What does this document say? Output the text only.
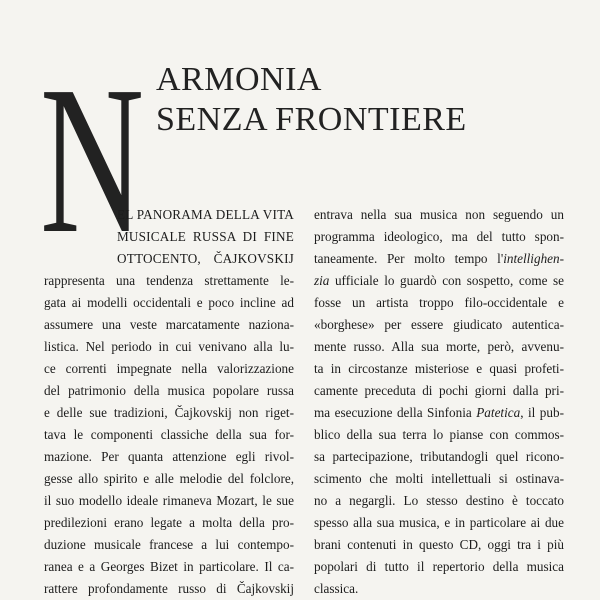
ARMONIA
SENZA FRONTIERE
N
EL PANORAMA DELLA VITA
MUSICALE RUSSA DI FINE
OTTOCENTO, ČAJKOVSKIJ
rappresenta una tendenza strettamente le-
gata ai modelli occidentali e poco incline ad
assumere una veste marcatamente naziona-
listica. Nel periodo in cui venivano alla lu-
ce correnti impegnate nella valorizzazione
del patrimonio della musica popolare russa
e delle sue tradizioni, Čajkovskij non riget-
tava le componenti classiche della sua for-
mazione. Per quanta attenzione egli rivol-
gesse allo spirito e alle melodie del folclore,
il suo modello ideale rimaneva Mozart, le sue
predilezioni erano legate a molta della pro-
duzione musicale francese a lui contempo-
ranea e a Georges Bizet in particolare. Il ca-
rattere profondamente russo di Čajkovskij
entrava nella sua musica non seguendo un
programma ideologico, ma del tutto spon-
taneamente. Per molto tempo l'intellighen-
zia ufficiale lo guardò con sospetto, come se
fosse un artista troppo filo-occidentale e
«borghese» per essere giudicato autentica-
mente russo. Alla sua morte, però, avvenu-
ta in circostanze misteriose e quasi profeti-
camente preceduta di pochi giorni dalla pri-
ma esecuzione della Sinfonia Patetica, il pub-
blico della sua terra lo pianse con commos-
sa partecipazione, tributandogli quel ricono-
scimento che molti intellettuali si ostinava-
no a negargli. Lo stesso destino è toccato
spesso alla sua musica, e in particolare ai due
brani contenuti in questo CD, oggi tra i più
popolari di tutto il repertorio della musica
classica.
